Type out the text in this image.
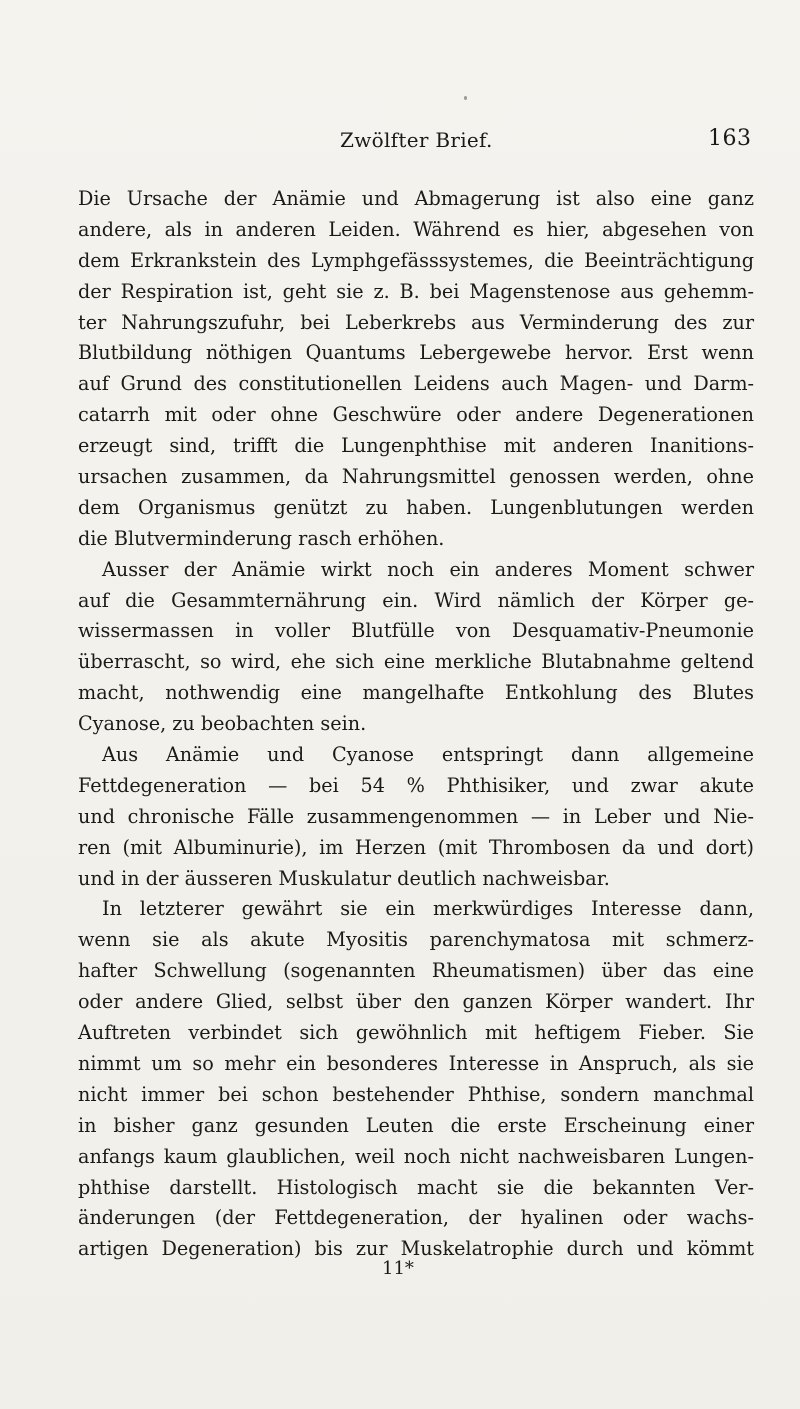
Zwölfter Brief.	163
Die Ursache der Anämie und Abmagerung ist also eine ganz
andere, als in anderen Leiden. Während es hier, abgesehen von
dem Erkrankstein des Lymphgefässsystemes, die Beeinträchtigung
der Respiration ist, geht sie z. B. bei Magenstenose aus gehemm-
ter Nahrungszufuhr, bei Leberkrebs aus Verminderung des zur
Blutbildung nöthigen Quantums Lebergewebe hervor. Erst wenn
auf Grund des constitutionellen Leidens auch Magen- und Darm-
catarrh mit oder ohne Geschwüre oder andere Degenerationen
erzeugt sind, trifft die Lungenphthise mit anderen Inanitions-
ursachen zusammen, da Nahrungsmittel genossen werden, ohne
dem Organismus genützt zu haben. Lungenblutungen werden
die Blutverminderung rasch erhöhen.
Ausser der Anämie wirkt noch ein anderes Moment schwer
auf die Gesammternährung ein. Wird nämlich der Körper ge-
wissermassen in voller Blutfülle von Desquamativ-Pneumonie
überrascht, so wird, ehe sich eine merkliche Blutabnahme geltend
macht, nothwendig eine mangelhafte Entkohlung des Blutes
Cyanose, zu beobachten sein.
Aus Anämie und Cyanose entspringt dann allgemeine
Fettdegeneration — bei 54 % Phthisiker, und zwar akute
und chronische Fälle zusammengenommen — in Leber und Nie-
ren (mit Albuminurie), im Herzen (mit Thrombosen da und dort)
und in der äusseren Muskulatur deutlich nachweisbar.
In letzterer gewährt sie ein merkwürdiges Interesse dann,
wenn sie als akute Myositis parenchymatosa mit schmerz-
hafter Schwellung (sogenannten Rheumatismen) über das eine
oder andere Glied, selbst über den ganzen Körper wandert. Ihr
Auftreten verbindet sich gewöhnlich mit heftigem Fieber. Sie
nimmt um so mehr ein besonderes Interesse in Anspruch, als sie
nicht immer bei schon bestehender Phthise, sondern manchmal
in bisher ganz gesunden Leuten die erste Erscheinung einer
anfangs kaum glaublichen, weil noch nicht nachweisbaren Lungen-
phthise darstellt. Histologisch macht sie die bekannten Ver-
änderungen (der Fettdegeneration, der hyalinen oder wachs-
artigen Degeneration) bis zur Muskelatrophie durch und kömmt
11*
